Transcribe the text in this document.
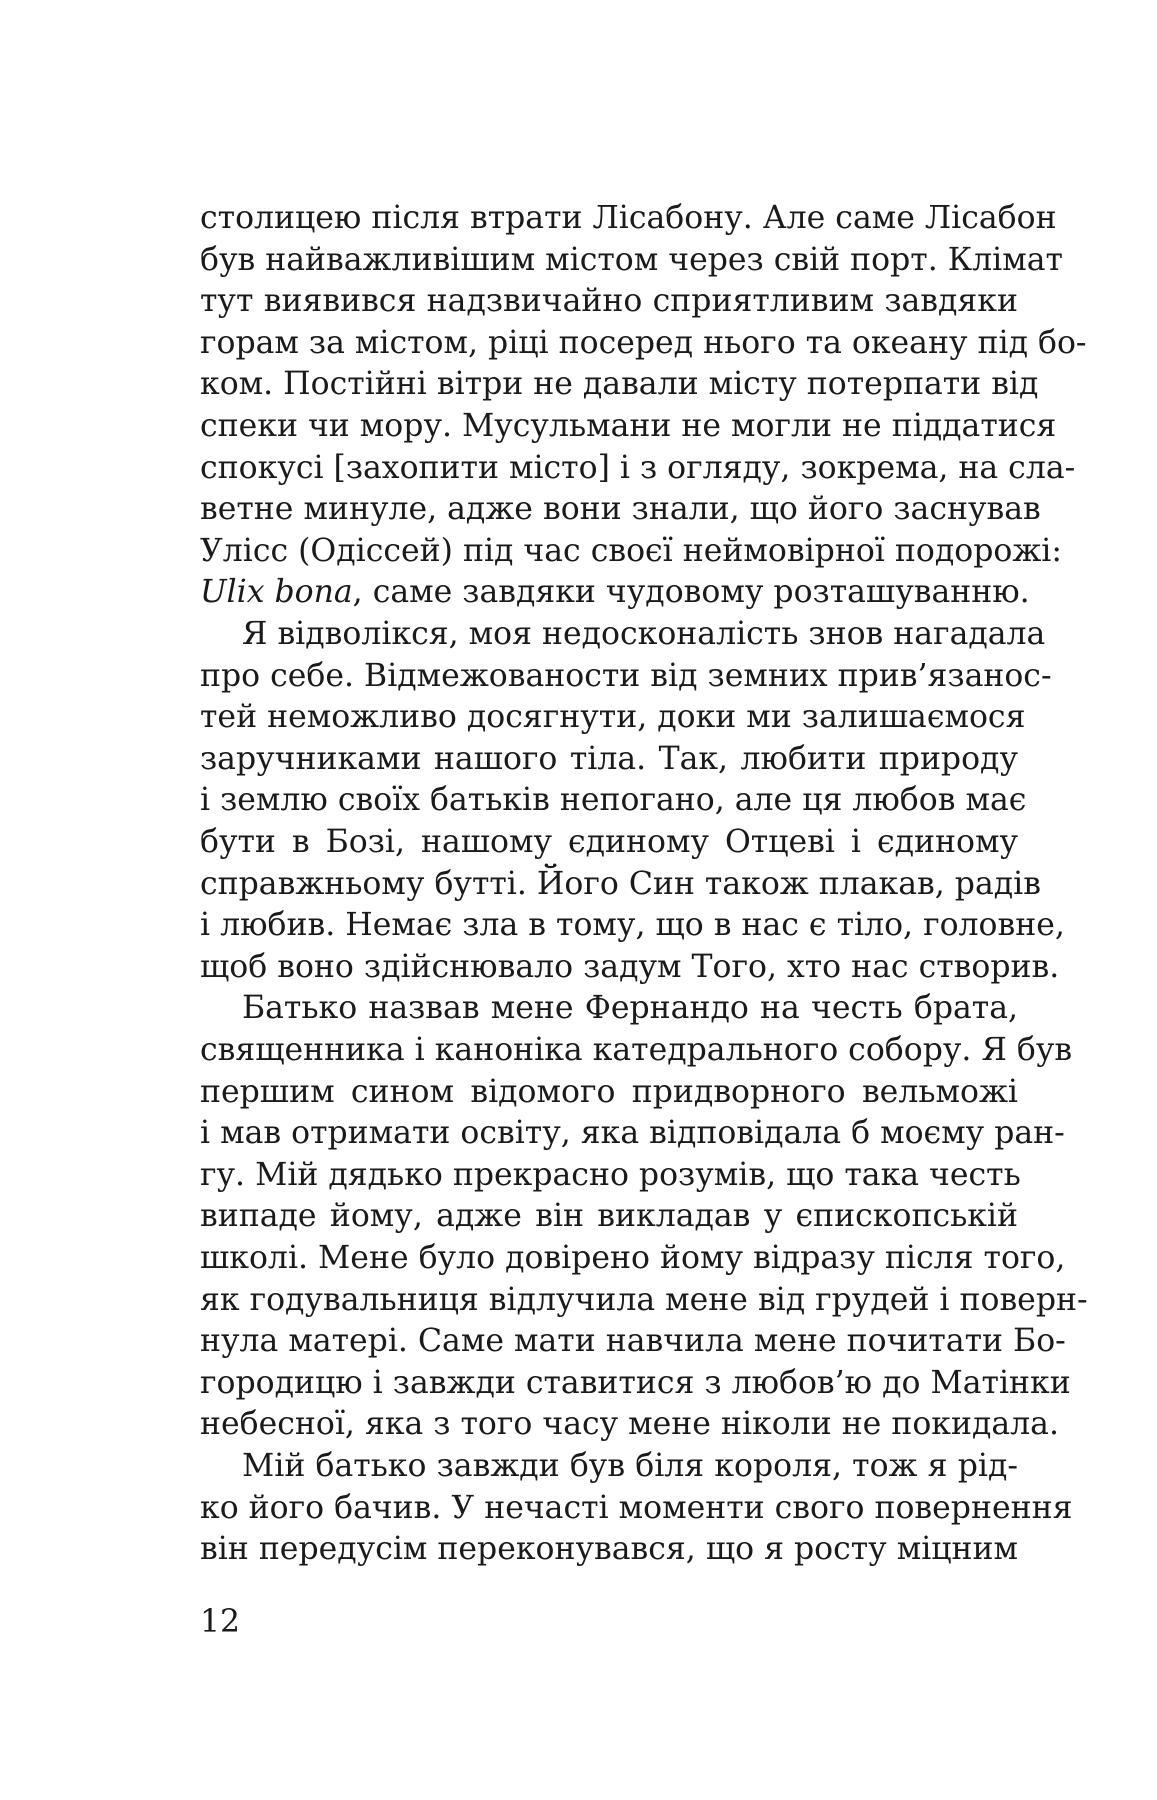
столицею після втрати Лісабону. Але саме Лісабон
був найважливішим містом через свій порт. Клімат
тут виявився надзвичайно сприятливим завдяки
горам за містом, ріці посеред нього та океану під бо-
ком. Постійні вітри не давали місту потерпати від
спеки чи мору. Мусульмани не могли не піддатися
спокусі [захопити місто] і з огляду, зокрема, на сла-
ветне минуле, адже вони знали, що його заснував
Улісс (Одіссей) під час своєї неймовірної подорожі:
Ulix bona, саме завдяки чудовому розташуванню.
Я відволікся, моя недосконалість знов нагадала
про себе. Відмежованости від земних прив’язанос-
тей неможливо досягнути, доки ми залишаємося
заручниками нашого тіла. Так, любити природу
і землю своїх батьків непогано, але ця любов має
бути в Бозі, нашому єдиному Отцеві і єдиному
справжньому бутті. Його Син також плакав, радів
і любив. Немає зла в тому, що в нас є тіло, головне,
щоб воно здійснювало задум Того, хто нас створив.
Батько назвав мене Фернандо на честь брата,
священника і каноніка катедрального собору. Я був
першим сином відомого придворного вельможі
і мав отримати освіту, яка відповідала б моєму ран-
гу. Мій дядько прекрасно розумів, що така честь
випаде йому, адже він викладав у єпископській
школі. Мене було довірено йому відразу після того,
як годувальниця відлучила мене від грудей і поверн-
нула матері. Саме мати навчила мене почитати Бо-
городицю і завжди ставитися з любов’ю до Матінки
небесної, яка з того часу мене ніколи не покидала.
Мій батько завжди був біля короля, тож я рід-
ко його бачив. У нечасті моменти свого повернення
він передусім переконувався, що я росту міцним
12
